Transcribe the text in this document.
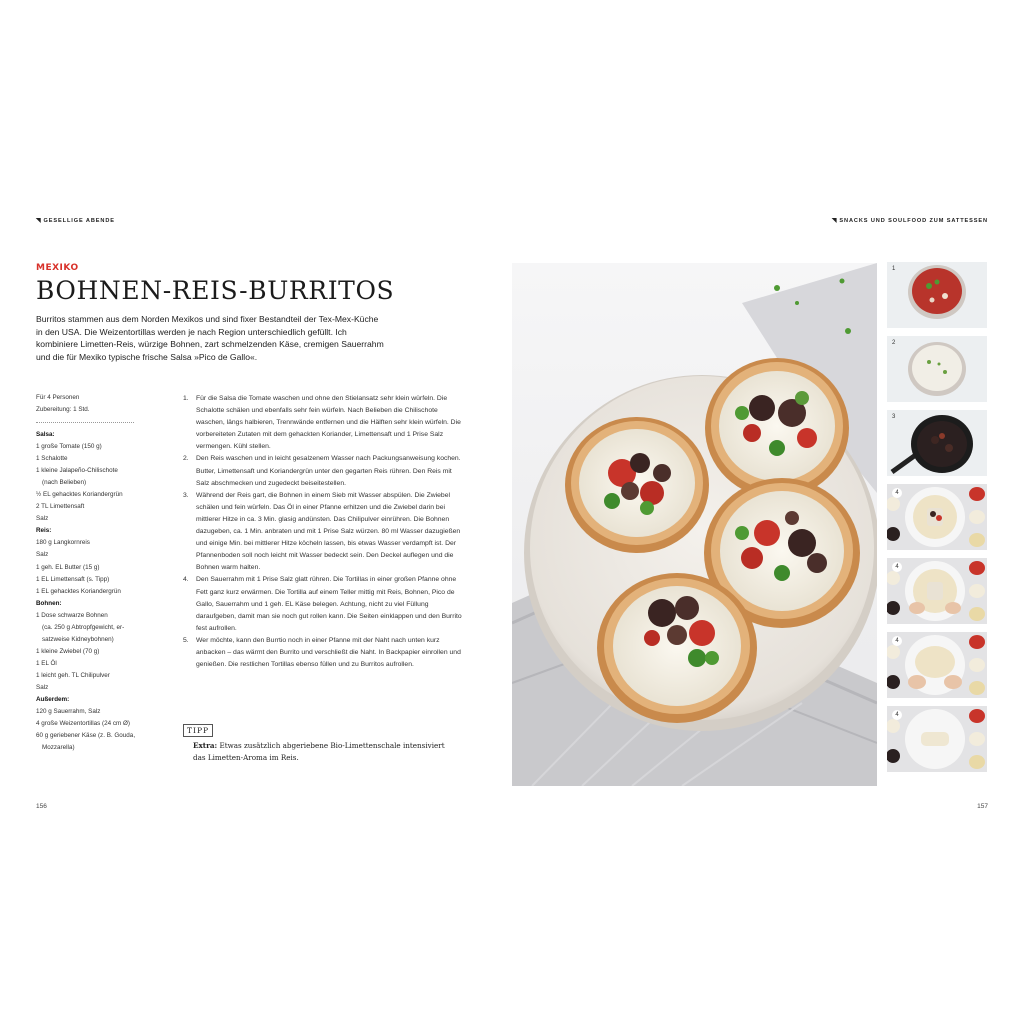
◥ GESELLIGE ABENDE	◥ SNACKS UND SOULFOOD ZUM SATTESSEN
MEXIKO
BOHNEN-REIS-BURRITOS
Burritos stammen aus dem Norden Mexikos und sind fixer Bestandteil der Tex-Mex-Küche in den USA. Die Weizentortillas werden je nach Region unterschiedlich gefüllt. Ich kombiniere Limetten-Reis, würzige Bohnen, zart schmelzenden Käse, cremigen Sauerrahm und die für Mexiko typische frische Salsa »Pico de Gallo«.
Für 4 Personen
Zubereitung: 1 Std.
Salsa:
1 große Tomate (150 g)
1 Schalotte
1 kleine Jalapeño-Chilischote
(nach Belieben)
½ EL gehacktes Koriandergrün
2 TL Limettensaft
Salz
Reis:
180 g Langkornreis
Salz
1 geh. EL Butter (15 g)
1 EL Limettensaft (s. Tipp)
1 EL gehacktes Koriandergrün
Bohnen:
1 Dose schwarze Bohnen
(ca. 250 g Abtropfgewicht, er-
satzweise Kidneybohnen)
1 kleine Zwiebel (70 g)
1 EL Öl
1 leicht geh. TL Chilipulver
Salz
Außerdem:
120 g Sauerrahm, Salz
4 große Weizentortillas (24 cm Ø)
60 g geriebener Käse (z. B. Gouda,
Mozzarella)
1.	Für die Salsa die Tomate waschen und ohne den Stielansatz sehr klein würfeln. Die Schalotte schälen und ebenfalls sehr fein würfeln. Nach Belieben die Chilischote waschen, längs halbieren, Trennwände entfernen und die Hälften sehr klein würfeln. Die vorbereiteten Zutaten mit dem gehackten Koriander, Limettensaft und 1 Prise Salz vermengen. Kühl stellen.
2.	Den Reis waschen und in leicht gesalzenem Wasser nach Packungsanweisung kochen. Butter, Limettensaft und Koriandergrün unter den gegarten Reis rühren. Den Reis mit Salz abschmecken und zugedeckt beiseitestellen.
3.	Während der Reis gart, die Bohnen in einem Sieb mit Wasser abspülen. Die Zwiebel schälen und fein würfeln. Das Öl in einer Pfanne erhitzen und die Zwiebel darin bei mittlerer Hitze in ca. 3 Min. glasig andünsten. Das Chilipulver einrühren. Die Bohnen dazugeben, ca. 1 Min. anbraten und mit 1 Prise Salz würzen. 80 ml Wasser dazugießen und einige Min. bei mittlerer Hitze köcheln lassen, bis etwas Wasser verdampft ist. Der Pfannenboden soll noch leicht mit Wasser bedeckt sein. Den Deckel auflegen und die Bohnen warm halten.
4.	Den Sauerrahm mit 1 Prise Salz glatt rühren. Die Tortillas in einer großen Pfanne ohne Fett ganz kurz erwärmen. Die Tortilla auf einem Teller mittig mit Reis, Bohnen, Pico de Gallo, Sauerrahm und 1 geh. EL Käse belegen. Achtung, nicht zu viel Füllung daraufgeben, damit man sie noch gut rollen kann. Die Seiten einklappen und den Burrito fest aufrollen.
5.	Wer möchte, kann den Burrtio noch in einer Pfanne mit der Naht nach unten kurz anbacken – das wärmt den Burrito und verschließt die Naht. In Backpapier einrollen und genießen. Die restlichen Tortillas ebenso füllen und zu Burritos aufrollen.
TIPP
Extra: Etwas zusätzlich abgeriebene Bio-Limettenschale intensiviert das Limetten-Aroma im Reis.
156	157
1
2
3
4
4
4
4
